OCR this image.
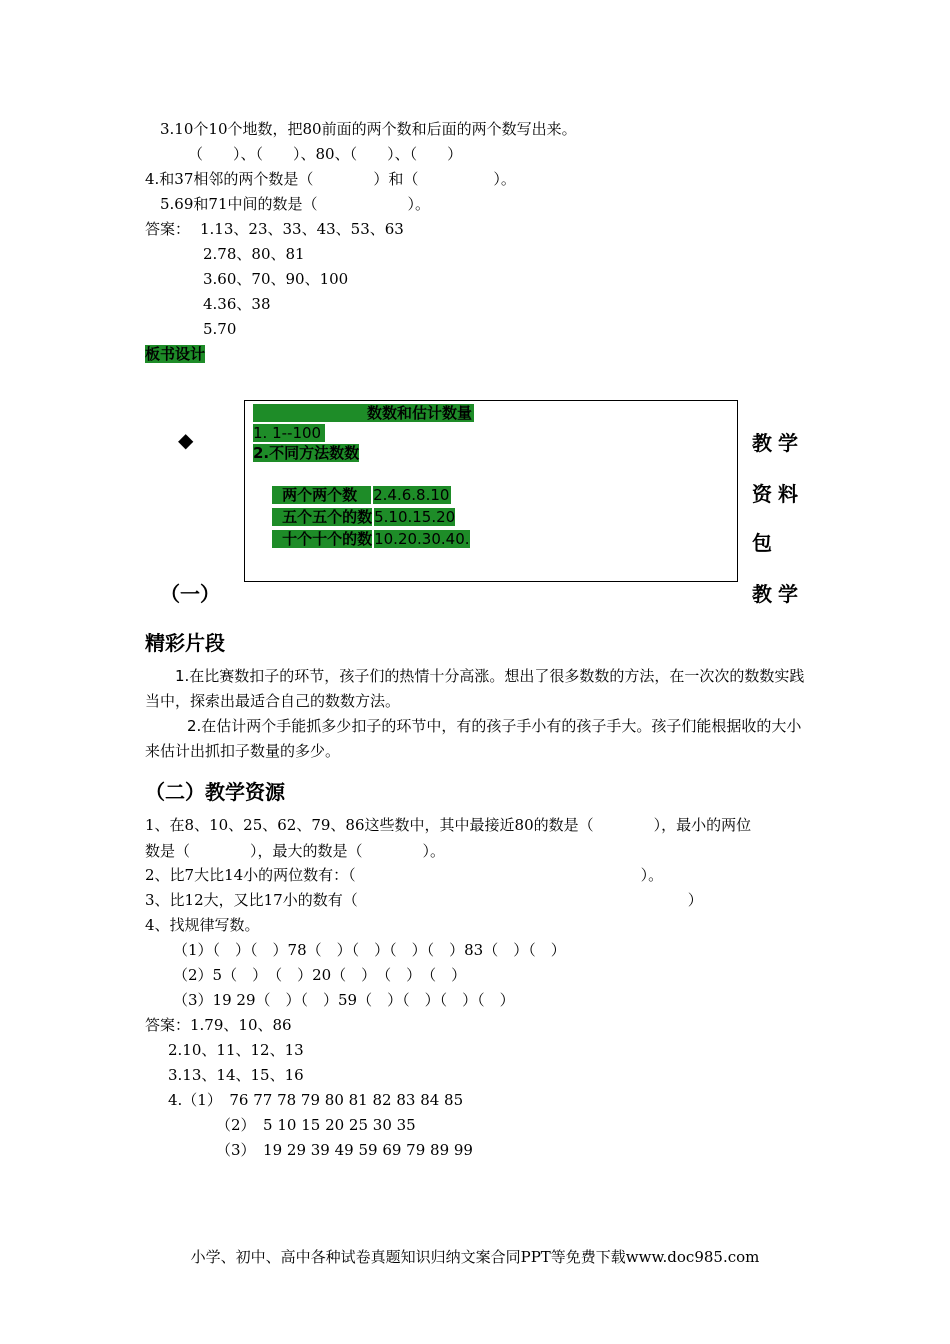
3.10个10个地数，把80前面的两个数和后面的两个数写出来。
（　　）、（　　）、80、（　　）、（　　）
4.和37相邻的两个数是（　　　　）和（　　　　　）。
5.69和71中间的数是（　　　　　　）。
答案： 1.13、23、33、43、53、63
2.78、80、81
3.60、70、90、100
4.36、38
5.70
板书设计
◆
数数和估计数量
1. 1--100
2.不同方法数数

两个两个数 2.4.6.8.10

五个五个的数 5.10.15.20

十个十个的数 10.20.30.40.

教学
资料
包
教学
（一）
精彩片段
1.在比赛数扣子的环节，孩子们的热情十分高涨。想出了很多数数的方法，在一次次的数数实践当中，探索出最适合自己的数数方法。
2.在估计两个手能抓多少扣子的环节中，有的孩子手小有的孩子手大。孩子们能根据收的大小来估计出抓扣子数量的多少。
（二）教学资源
1、在8、10、25、62、79、86这些数中，其中最接近80的数是（　　　　），最小的两位
数是（　　　　），最大的数是（　　　　）。
2、比7大比14小的两位数有：（　　　　　　　　　　　　　　　　　　　）。
3、比12大，又比17小的数有（　　　　　　　　　　　　　　　　　　　　　　）
4、找规律写数。
（1）（　）（　）78（　）（　）（　）（　）83（　）（　）
（2）5（　）　（　）20（　）　（　）　（　）
（3）19 29（　）（　）59（　）（　）（　）（　）
答案：1.79、10、86
2.10、11、12、13
3.13、14、15、16
4.（1）　76 77 78 79 80 81 82 83 84 85
（2）　5 10 15 20 25 30 35
（3）　19 29 39 49 59 69 79 89 99
小学、初中、高中各种试卷真题知识归纳文案合同PPT等免费下载www.doc985.com
